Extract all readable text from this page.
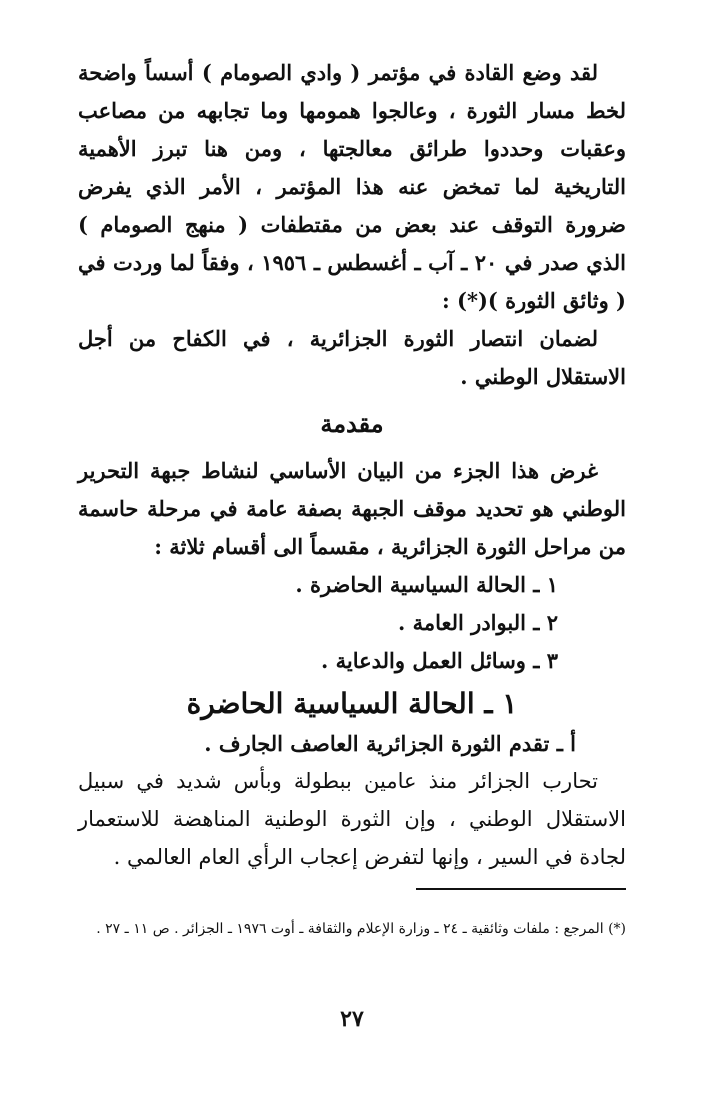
لقد وضع القادة في مؤتمر ( وادي الصومام ) أسساً واضحة لخط مسار الثورة ، وعالجوا همومها وما تجابهه من مصاعب وعقبات وحددوا طرائق معالجتها ، ومن هنا تبرز الأهمية التاريخية لما تمخض عنه هذا المؤتمر ، الأمر الذي يفرض ضرورة التوقف عند بعض من مقتطفات ( منهج الصومام ) الذي صدر في ٢٠ ـ آب ـ أغسطس ـ ١٩٥٦ ، وفقاً لما وردت في ( وثائق الثورة )(*) :

لضمان انتصار الثورة الجزائرية ، في الكفاح من أجل الاستقلال الوطني .

مقدمة

غرض هذا الجزء من البيان الأساسي لنشاط جبهة التحرير الوطني هو تحديد موقف الجبهة بصفة عامة في مرحلة حاسمة من مراحل الثورة الجزائرية ، مقسماً الى أقسام ثلاثة :

١ ـ الحالة السياسية الحاضرة .
٢ ـ البوادر العامة .
٣ ـ وسائل العمل والدعاية .
١ ـ الحالة السياسية الحاضرة

أ ـ تقدم الثورة الجزائرية العاصف الجارف .

تحارب الجزائر منذ عامين ببطولة وبأس شديد في سبيل الاستقلال الوطني ، وإن الثورة الوطنية المناهضة للاستعمار لجادة في السير ، وإنها لتفرض إعجاب الرأي العام العالمي .

(*) المرجع : ملفات وثائقية ـ ٢٤ ـ وزارة الإعلام والثقافة ـ أوت ١٩٧٦ ـ الجزائر . ص ١١ ـ ٢٧ .

٢٧
